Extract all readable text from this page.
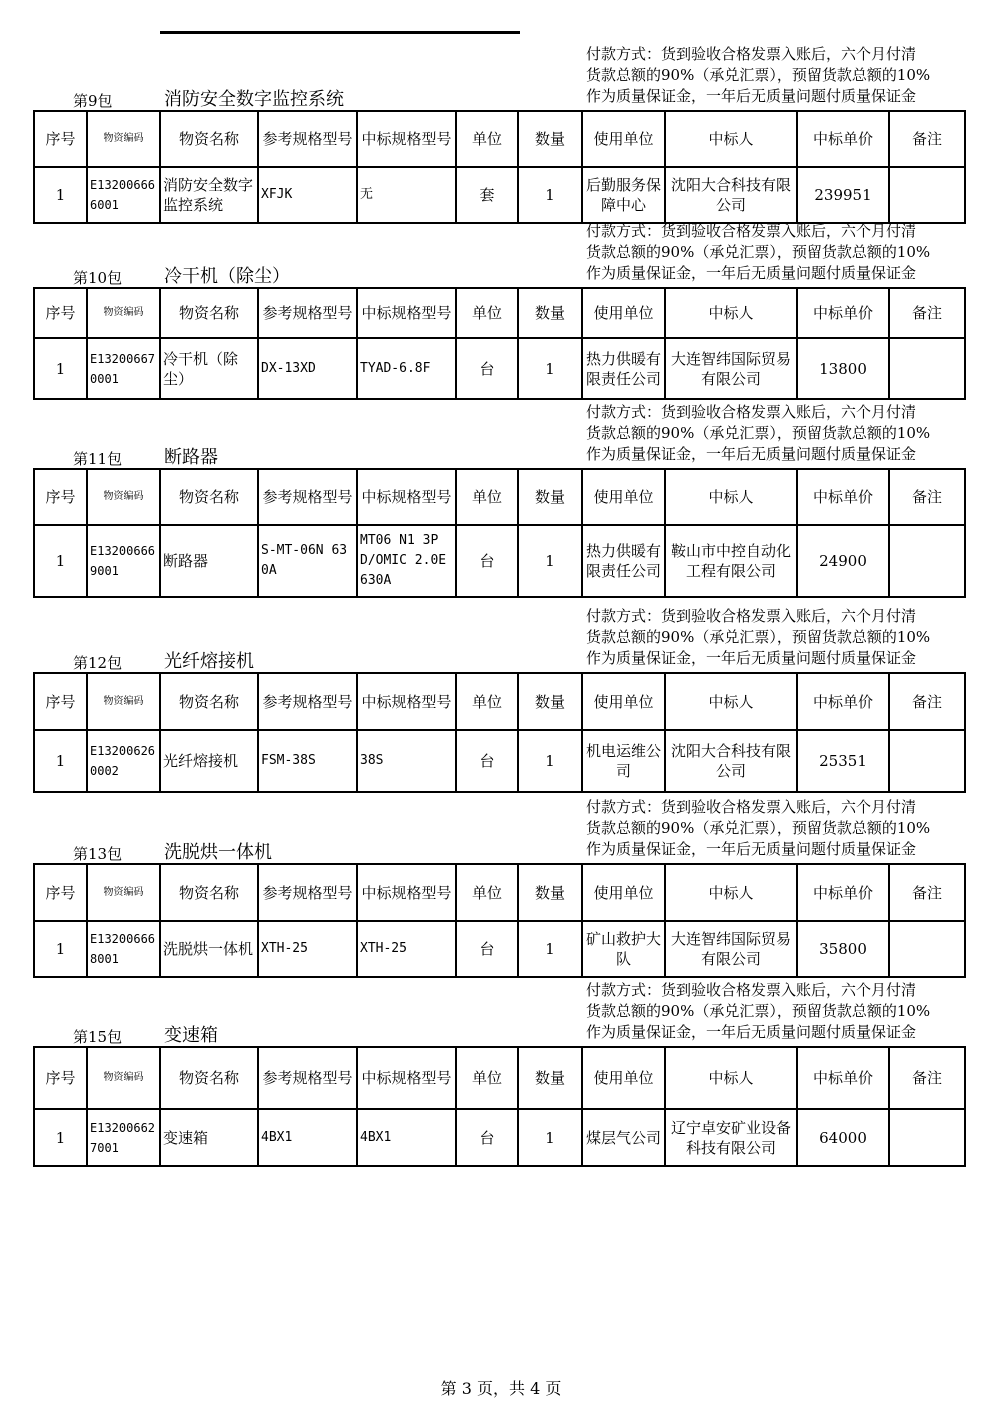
第9包	消防安全数字监控系统
付款方式：货到验收合格发票入账后，六个月付清
货款总额的90%（承兑汇票），预留货款总额的10%
作为质量保证金，一年后无质量问题付质量保证金
序号	物资编码	物资名称	参考规格型号	中标规格型号	单位	数量	使用单位	中标人	中标单价	备注
1	E132006666001	消防安全数字监控系统	XFJK	无	套	1	后勤服务保障中心	沈阳大合科技有限公司	239951	
第10包 冷干机（除尘）
付款方式：货到验收合格发票入账后，六个月付清
货款总额的90%（承兑汇票），预留货款总额的10%
作为质量保证金，一年后无质量问题付质量保证金
序号	物资编码	物资名称	参考规格型号	中标规格型号	单位	数量	使用单位	中标人	中标单价	备注
1	E132006670001	冷干机（除尘）	DX-13XD	TYAD-6.8F	台	1	热力供暖有限责任公司	大连智纬国际贸易有限公司	13800	
第11包 断路器
付款方式：货到验收合格发票入账后，六个月付清
货款总额的90%（承兑汇票），预留货款总额的10%
作为质量保证金，一年后无质量问题付质量保证金
序号	物资编码	物资名称	参考规格型号	中标规格型号	单位	数量	使用单位	中标人	中标单价	备注
1	E132006669001	断路器	S-MT-06N 630A	MT06 N1 3P D/OMIC 2.0E 630A	台	1	热力供暖有限责任公司	鞍山市中控自动化工程有限公司	24900	
第12包 光纤熔接机
付款方式：货到验收合格发票入账后，六个月付清
货款总额的90%（承兑汇票），预留货款总额的10%
作为质量保证金，一年后无质量问题付质量保证金
序号	物资编码	物资名称	参考规格型号	中标规格型号	单位	数量	使用单位	中标人	中标单价	备注
1	E132006260002	光纤熔接机	FSM-38S	38S	台	1	机电运维公司	沈阳大合科技有限公司	25351	
第13包 洗脱烘一体机
付款方式：货到验收合格发票入账后，六个月付清
货款总额的90%（承兑汇票），预留货款总额的10%
作为质量保证金，一年后无质量问题付质量保证金
序号	物资编码	物资名称	参考规格型号	中标规格型号	单位	数量	使用单位	中标人	中标单价	备注
1	E132006668001	洗脱烘一体机	XTH-25	XTH-25	台	1	矿山救护大队	大连智纬国际贸易有限公司	35800	
第15包 变速箱
付款方式：货到验收合格发票入账后，六个月付清
货款总额的90%（承兑汇票），预留货款总额的10%
作为质量保证金，一年后无质量问题付质量保证金
序号	物资编码	物资名称	参考规格型号	中标规格型号	单位	数量	使用单位	中标人	中标单价	备注
1	E132006627001	变速箱	4BX1	4BX1	台	1	煤层气公司	辽宁卓安矿业设备科技有限公司	64000	
第 3 页，共 4 页
